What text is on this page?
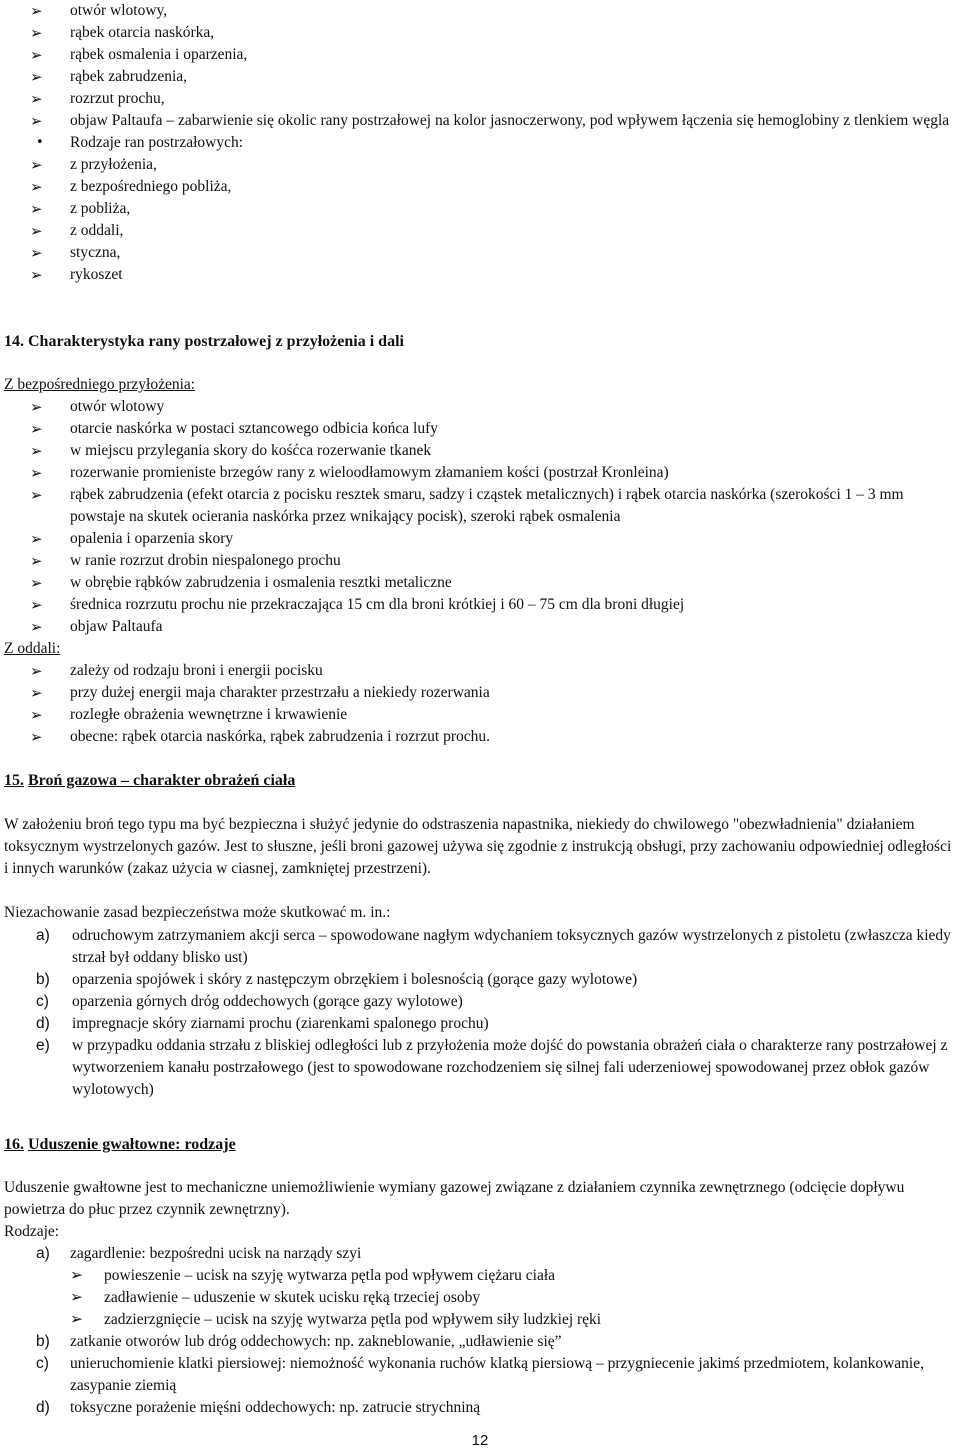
➢	otwór wlotowy,
➢	rąbek otarcia naskórka,
➢	rąbek osmalenia i oparzenia,
➢	rąbek zabrudzenia,
➢	rozrzut prochu,
➢	objaw Paltaufa – zabarwienie się okolic rany postrzałowej na kolor jasnoczerwony, pod wpływem łączenia się hemoglobiny z tlenkiem węgla
•	Rodzaje ran postrzałowych:
➢	z przyłożenia,
➢	z bezpośredniego pobliża,
➢	z pobliża,
➢	z oddali,
➢	styczna,
➢	rykoszet
14. Charakterystyka rany postrzałowej z przyłożenia i dali
Z bezpośredniego przyłożenia:
➢	otwór wlotowy
➢	otarcie naskórka w postaci sztancowego odbicia końca lufy
➢	w miejscu przylegania skory do kośćca rozerwanie tkanek
➢	rozerwanie promieniste brzegów rany z wieloodłamowym złamaniem kości (postrzał Kronleina)
➢	rąbek zabrudzenia (efekt otarcia z pocisku resztek smaru, sadzy i cząstek metalicznych) i rąbek otarcia naskórka (szerokości 1 – 3 mm powstaje na skutek ocierania naskórka przez wnikający pocisk), szeroki rąbek osmalenia
➢	opalenia i oparzenia skory
➢	w ranie rozrzut drobin niespalonego prochu
➢	w obrębie rąbków zabrudzenia i osmalenia resztki metaliczne
➢	średnica rozrzutu prochu nie przekraczająca 15 cm dla broni krótkiej i 60 – 75 cm dla broni długiej
➢	objaw Paltaufa
Z oddali:
➢	zależy od rodzaju broni i energii pocisku
➢	przy dużej energii maja charakter przestrzału a niekiedy rozerwania
➢	rozległe obrażenia wewnętrzne i krwawienie
➢	obecne: rąbek otarcia naskórka, rąbek zabrudzenia i rozrzut prochu.
15. Broń gazowa – charakter obrażeń ciała
W założeniu broń tego typu ma być bezpieczna i służyć jedynie do odstraszenia napastnika, niekiedy do chwilowego "obezwładnienia" działaniem toksycznym wystrzelonych gazów. Jest to słuszne, jeśli broni gazowej używa się zgodnie z instrukcją obsługi, przy zachowaniu odpowiedniej odległości i innych warunków (zakaz użycia w ciasnej, zamkniętej przestrzeni).
Niezachowanie zasad bezpieczeństwa może skutkować m. in.:
a)	odruchowym zatrzymaniem akcji serca – spowodowane nagłym wdychaniem toksycznych gazów wystrzelonych z pistoletu (zwłaszcza kiedy strzał był oddany blisko ust)
b)	oparzenia spojówek i skóry z następczym obrzękiem i bolesnością (gorące gazy wylotowe)
c)	oparzenia górnych dróg oddechowych (gorące gazy wylotowe)
d)	impregnacje skóry ziarnami prochu (ziarenkami spalonego prochu)
e)	w przypadku oddania strzału z bliskiej odległości lub z przyłożenia może dojść do powstania obrażeń ciała o charakterze rany postrzałowej z wytworzeniem kanału postrzałowego (jest to spowodowane rozchodzeniem się silnej fali uderzeniowej spowodowanej przez obłok gazów wylotowych)
16. Uduszenie gwałtowne: rodzaje
Uduszenie gwałtowne jest to mechaniczne uniemożliwienie wymiany gazowej związane z działaniem czynnika zewnętrznego (odcięcie dopływu powietrza do płuc przez czynnik zewnętrzny).
Rodzaje:
a)	zagardlenie: bezpośredni ucisk na narządy szyi
➢	powieszenie – ucisk na szyję wytwarza pętla pod wpływem ciężaru ciała
➢	zadławienie – uduszenie w skutek ucisku ręką trzeciej osoby
➢	zadzierzgnięcie – ucisk na szyję wytwarza pętla pod wpływem siły ludzkiej ręki
b)	zatkanie otworów lub dróg oddechowych: np. zakneblowanie, „udławienie się”
c)	unieruchomienie klatki piersiowej: niemożność wykonania ruchów klatką piersiową – przygniecenie jakimś przedmiotem, kolankowanie, zasypanie ziemią
d)	toksyczne porażenie mięśni oddechowych: np. zatrucie strychniną
12
